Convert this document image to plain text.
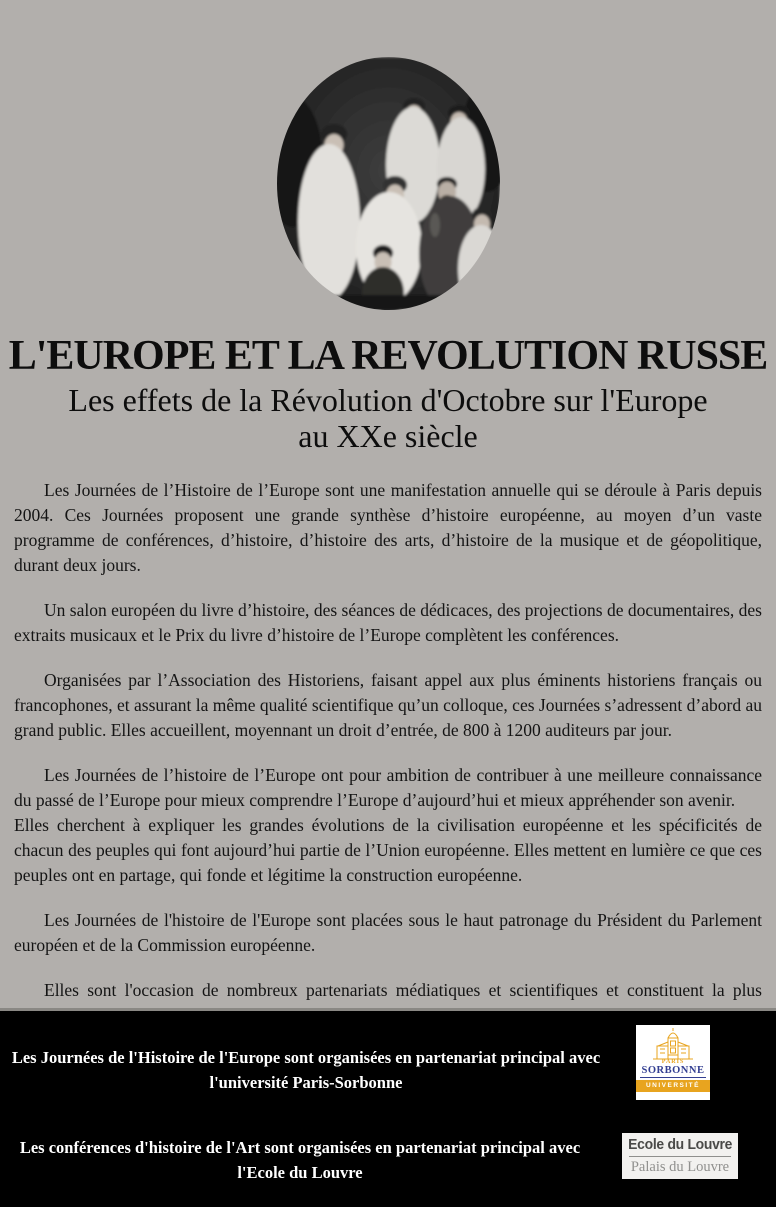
L'EUROPE ET LA REVOLUTION RUSSE
Les effets de la Révolution d'Octobre sur l'Europe
au XXe siècle

Les Journées de l’Histoire de l’Europe sont une manifestation annuelle qui se déroule à Paris depuis 2004. Ces Journées proposent une grande synthèse d’histoire européenne, au moyen d’un vaste programme de conférences, d’histoire, d’histoire des arts, d’histoire de la musique et de géopolitique, durant deux jours.

Un salon européen du livre d’histoire, des séances de dédicaces, des projections de documentaires, des extraits musicaux et le Prix du livre d’histoire de l’Europe complètent les conférences.

Organisées par l’Association des Historiens, faisant appel aux plus éminents historiens français ou francophones, et assurant la même qualité scientifique qu’un colloque, ces Journées s’adressent d’abord au grand public. Elles accueillent, moyennant un droit d’entrée, de 800 à 1200 auditeurs par jour.

Les Journées de l’histoire de l’Europe ont pour ambition de contribuer à une meilleure connaissance du passé de l’Europe pour mieux comprendre l’Europe d’aujourd’hui et mieux appréhender son avenir.

Elles cherchent à expliquer les grandes évolutions de la civilisation européenne et les spécificités de chacun des peuples qui font aujourd’hui partie de l’Union européenne. Elles mettent en lumière ce que ces peuples ont en partage, qui fonde et légitime la construction européenne.

Les Journées de l'histoire de l'Europe sont placées sous le haut patronage du Président du Parlement européen et de la Commission européenne.

Elles sont l'occasion de nombreux partenariats médiatiques et scientifiques et constituent la plus

Les Journées de l'Histoire de l'Europe sont organisées en partenariat principal avec
l'université Paris-Sorbonne
PARIS
SORBONNE
UNIVERSITÉ
Les conférences d'histoire de l'Art sont organisées en partenariat principal avec
l'Ecole du Louvre
Ecole du Louvre
Palais du Louvre
